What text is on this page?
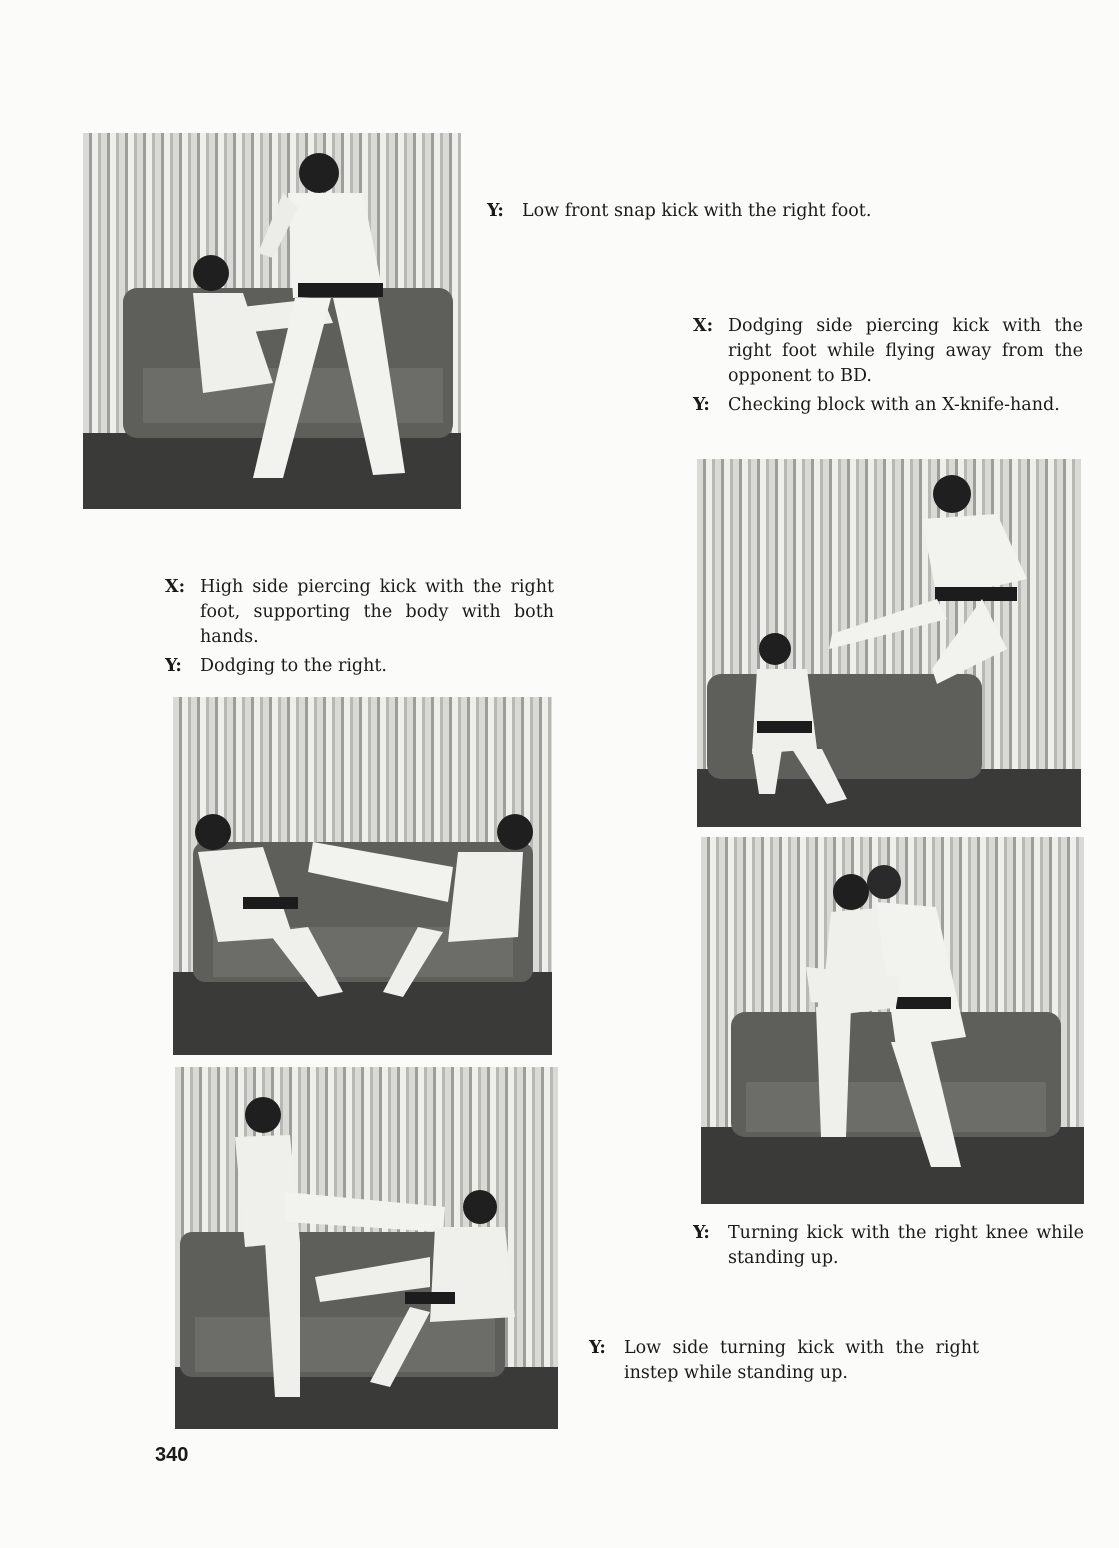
Y:	Low front snap kick with the right foot.
X: Dodging side piercing kick with the right foot while flying away from the opponent to BD.
Y:	Checking block with an X-knife-hand.
X: High side piercing kick with the right foot, supporting the body with both hands.
Y:	Dodging to the right.
Y:	Turning kick with the right knee while standing up.
Y:	Low side turning kick with the right instep while standing up.
340
